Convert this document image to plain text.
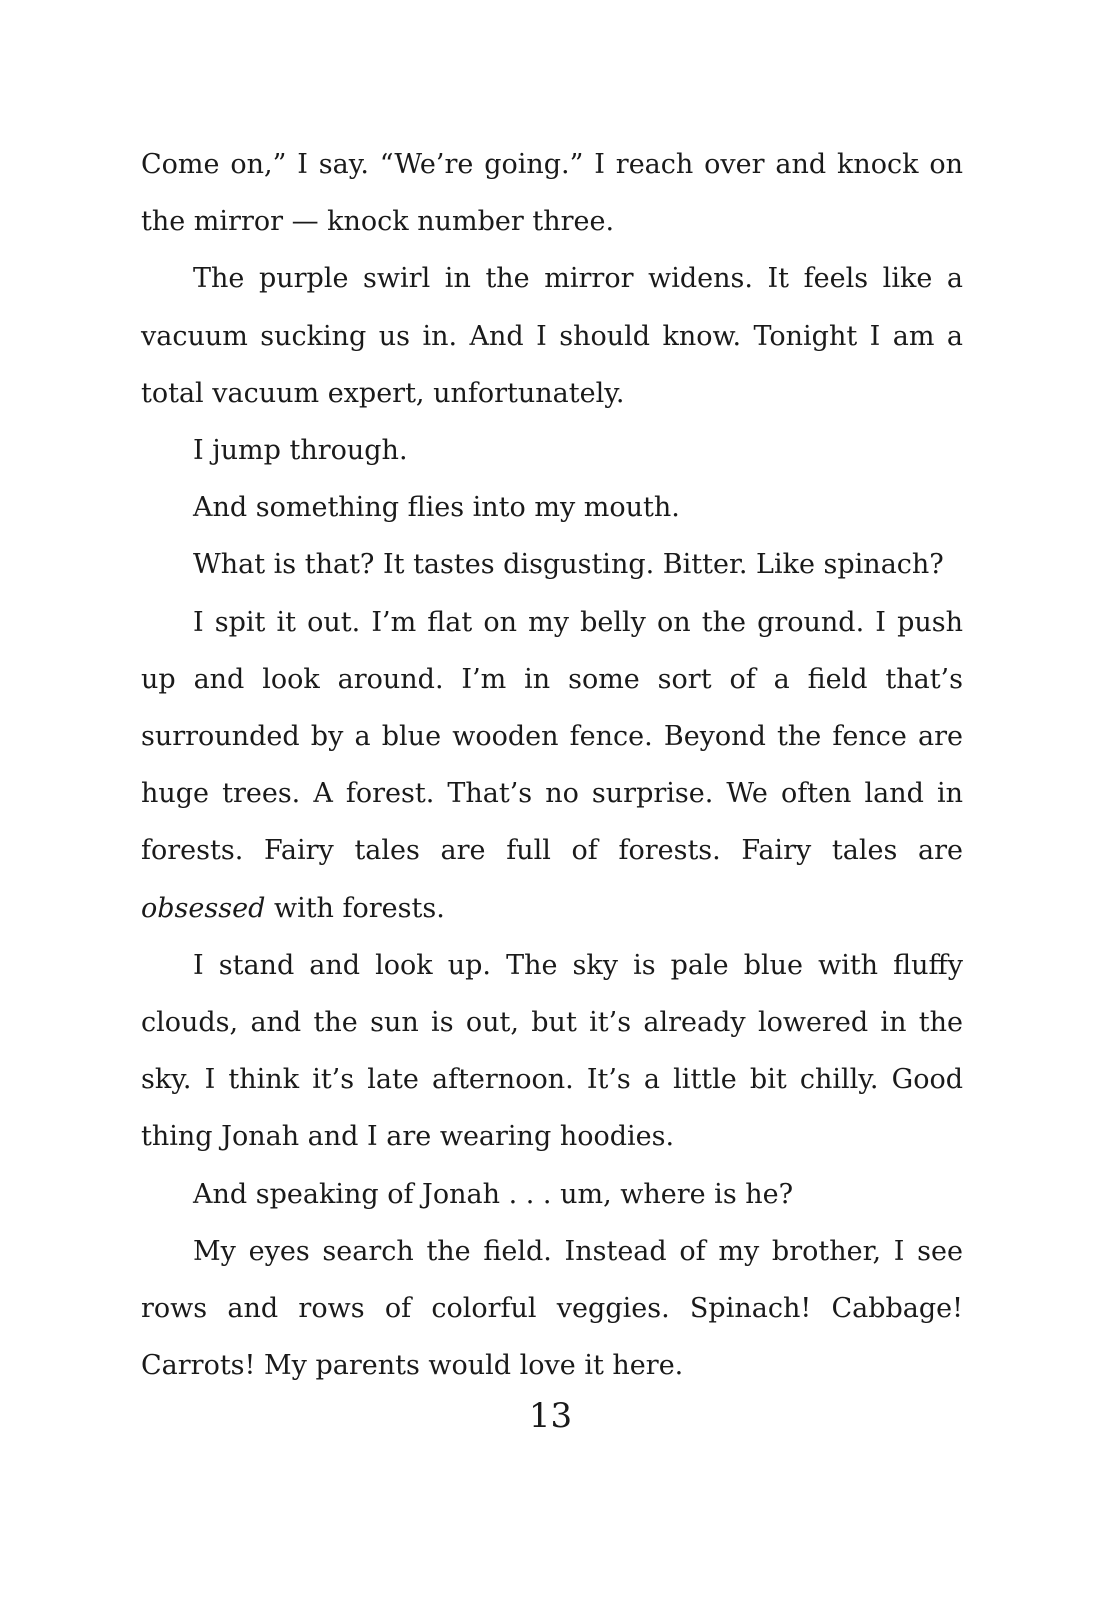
Come on,” I say. “We’re going.” I reach over and knock on the mirror — knock number three.

The purple swirl in the mirror widens. It feels like a vacuum sucking us in. And I should know. Tonight I am a total vacuum expert, unfortunately.

I jump through.

And something flies into my mouth.

What is that? It tastes disgusting. Bitter. Like spinach?

I spit it out. I’m flat on my belly on the ground. I push up and look around. I’m in some sort of a field that’s surrounded by a blue wooden fence. Beyond the fence are huge trees. A forest. That’s no surprise. We often land in forests. Fairy tales are full of forests. Fairy tales are obsessed with forests.

I stand and look up. The sky is pale blue with fluffy clouds, and the sun is out, but it’s already lowered in the sky. I think it’s late afternoon. It’s a little bit chilly. Good thing Jonah and I are wearing hoodies.

And speaking of Jonah . . . um, where is he?

My eyes search the field. Instead of my brother, I see rows and rows of colorful veggies. Spinach! Cabbage! Carrots! My parents would love it here.

13
